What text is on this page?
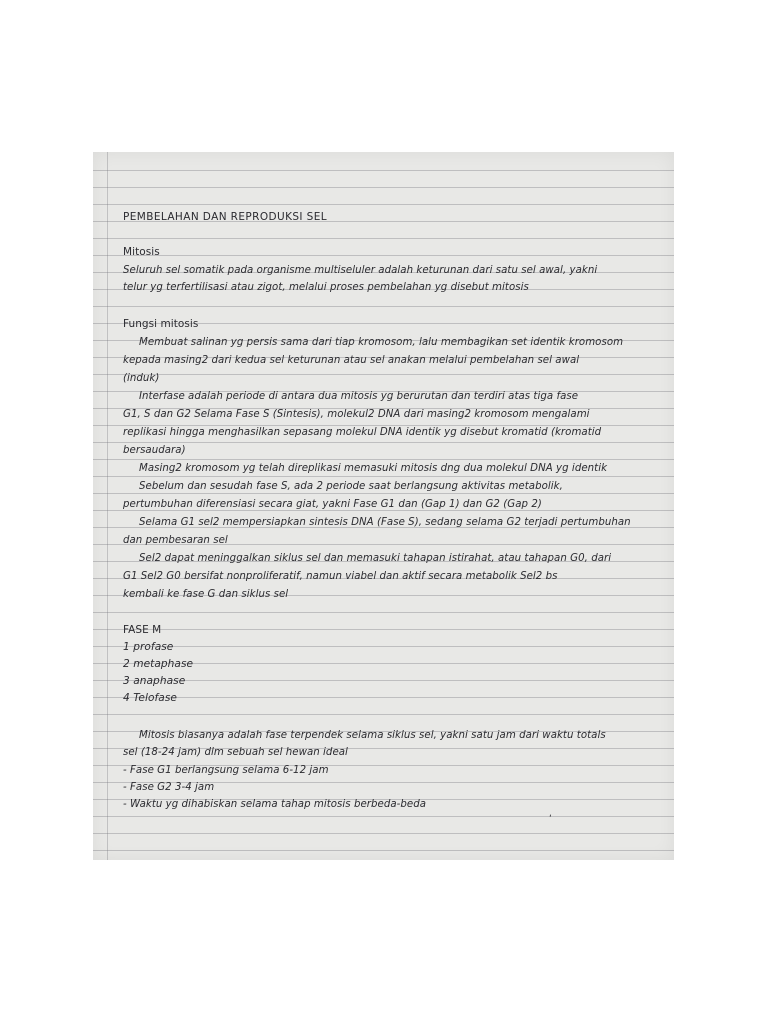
PEMBELAHAN DAN REPRODUKSI SEL
Mitosis
Seluruh sel somatik pada organisme multiseluler adalah keturunan dari satu sel awal, yakni
telur yg terfertilisasi atau zigot, melalui proses pembelahan yg disebut mitosis
Fungsi mitosis
Membuat salinan yg persis sama dari tiap kromosom, lalu membagikan set identik kromosom
kepada masing2 dari kedua sel keturunan atau sel anakan melalui pembelahan sel awal
(induk)
Interfase adalah periode di antara dua mitosis yg berurutan dan terdiri atas tiga fase
G1, S dan G2 Selama Fase S (Sintesis), molekul2 DNA dari masing2 kromosom mengalami
replikasi hingga menghasilkan sepasang molekul DNA identik yg disebut kromatid (kromatid
bersaudara)
Masing2 kromosom yg telah direplikasi memasuki mitosis dng dua molekul DNA yg identik
Sebelum dan sesudah fase S, ada 2 periode saat berlangsung aktivitas metabolik,
pertumbuhan diferensiasi secara giat, yakni Fase G1 dan (Gap 1) dan G2 (Gap 2)
Selama G1 sel2 mempersiapkan sintesis DNA (Fase S), sedang selama G2 terjadi pertumbuhan
dan pembesaran sel
Sel2 dapat meninggalkan siklus sel dan memasuki tahapan istirahat, atau tahapan G0, dari
G1 Sel2 G0 bersifat nonproliferatif, namun viabel dan aktif secara metabolik Sel2 bs
kembali ke fase G dan siklus sel
FASE M
1 profase
2 metaphase
3 anaphase
4 Telofase
Mitosis biasanya adalah fase terpendek selama siklus sel, yakni satu jam dari waktu totals
sel (18-24 jam) dlm sebuah sel hewan ideal
- Fase G1 berlangsung selama 6-12 jam
- Fase G2 3-4 jam
- Waktu yg dihabiskan selama tahap mitosis berbeda-beda
‘
